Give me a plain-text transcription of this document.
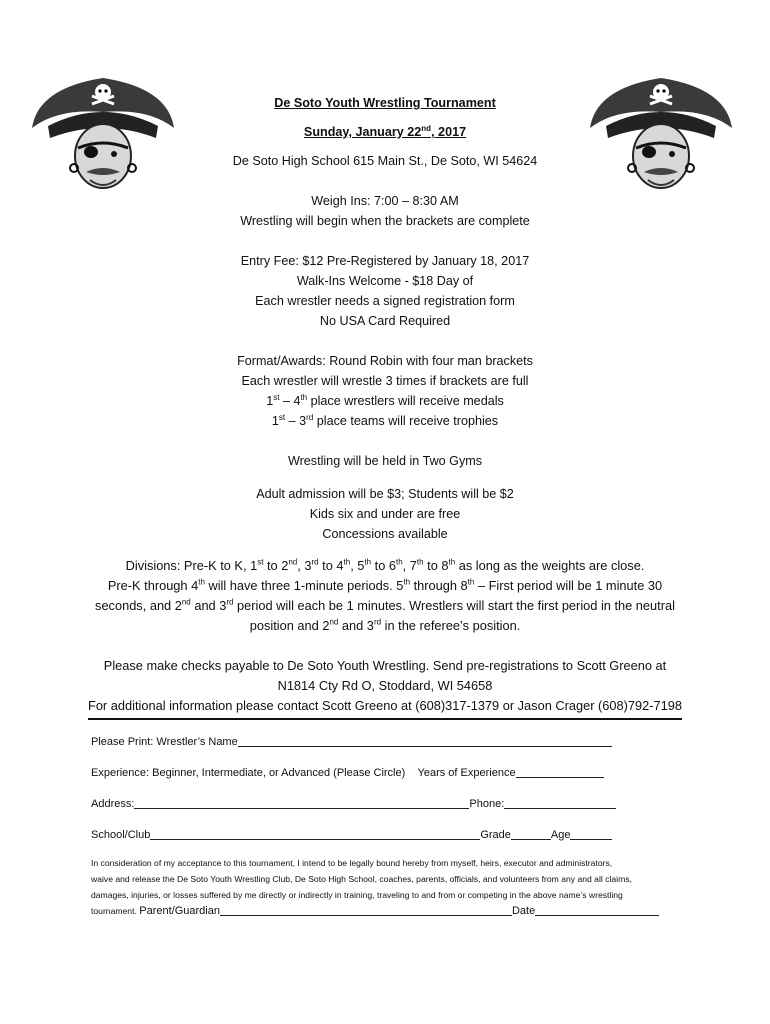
De Soto Youth Wrestling Tournament
Sunday, January 22nd, 2017
De Soto High School 615 Main St., De Soto, WI 54624
Weigh Ins: 7:00 – 8:30 AM
Wrestling will begin when the brackets are complete
Entry Fee: $12 Pre-Registered by January 18, 2017
Walk-Ins Welcome - $18 Day of
Each wrestler needs a signed registration form
No USA Card Required
Format/Awards: Round Robin with four man brackets
Each wrestler will wrestle 3 times if brackets are full
1st – 4th place wrestlers will receive medals
1st – 3rd place teams will receive trophies
Wrestling will be held in Two Gyms
Adult admission will be $3; Students will be $2
Kids six and under are free
Concessions available
Divisions: Pre-K to K, 1st to 2nd, 3rd to 4th, 5th to 6th, 7th to 8th as long as the weights are close.
Pre-K through 4th will have three 1-minute periods. 5th through 8th – First period will be 1 minute 30
seconds, and 2nd and 3rd period will each be 1 minutes. Wrestlers will start the first period in the neutral
position and 2nd and 3rd in the referee’s position.
Please make checks payable to De Soto Youth Wrestling. Send pre-registrations to Scott Greeno at
N1814 Cty Rd O, Stoddard, WI 54658
For additional information please contact Scott Greeno at (608)317-1379 or Jason Crager (608)792-7198
Please Print: Wrestler’s Name
Experience: Beginner, Intermediate, or Advanced (Please Circle) Years of Experience
Address:	Phone:
School/Club	Grade	Age
In consideration of my acceptance to this tournament, I intend to be legally bound hereby from myself, heirs, executor and administrators,
waive and release the De Soto Youth Wrestling Club, De Soto High School, coaches, parents, officials, and volunteers from any and all claims,
damages, injuries, or losses suffered by me directly or indirectly in training, traveling to and from or competing in the above name’s wrestling
tournament. Parent/Guardian	Date
